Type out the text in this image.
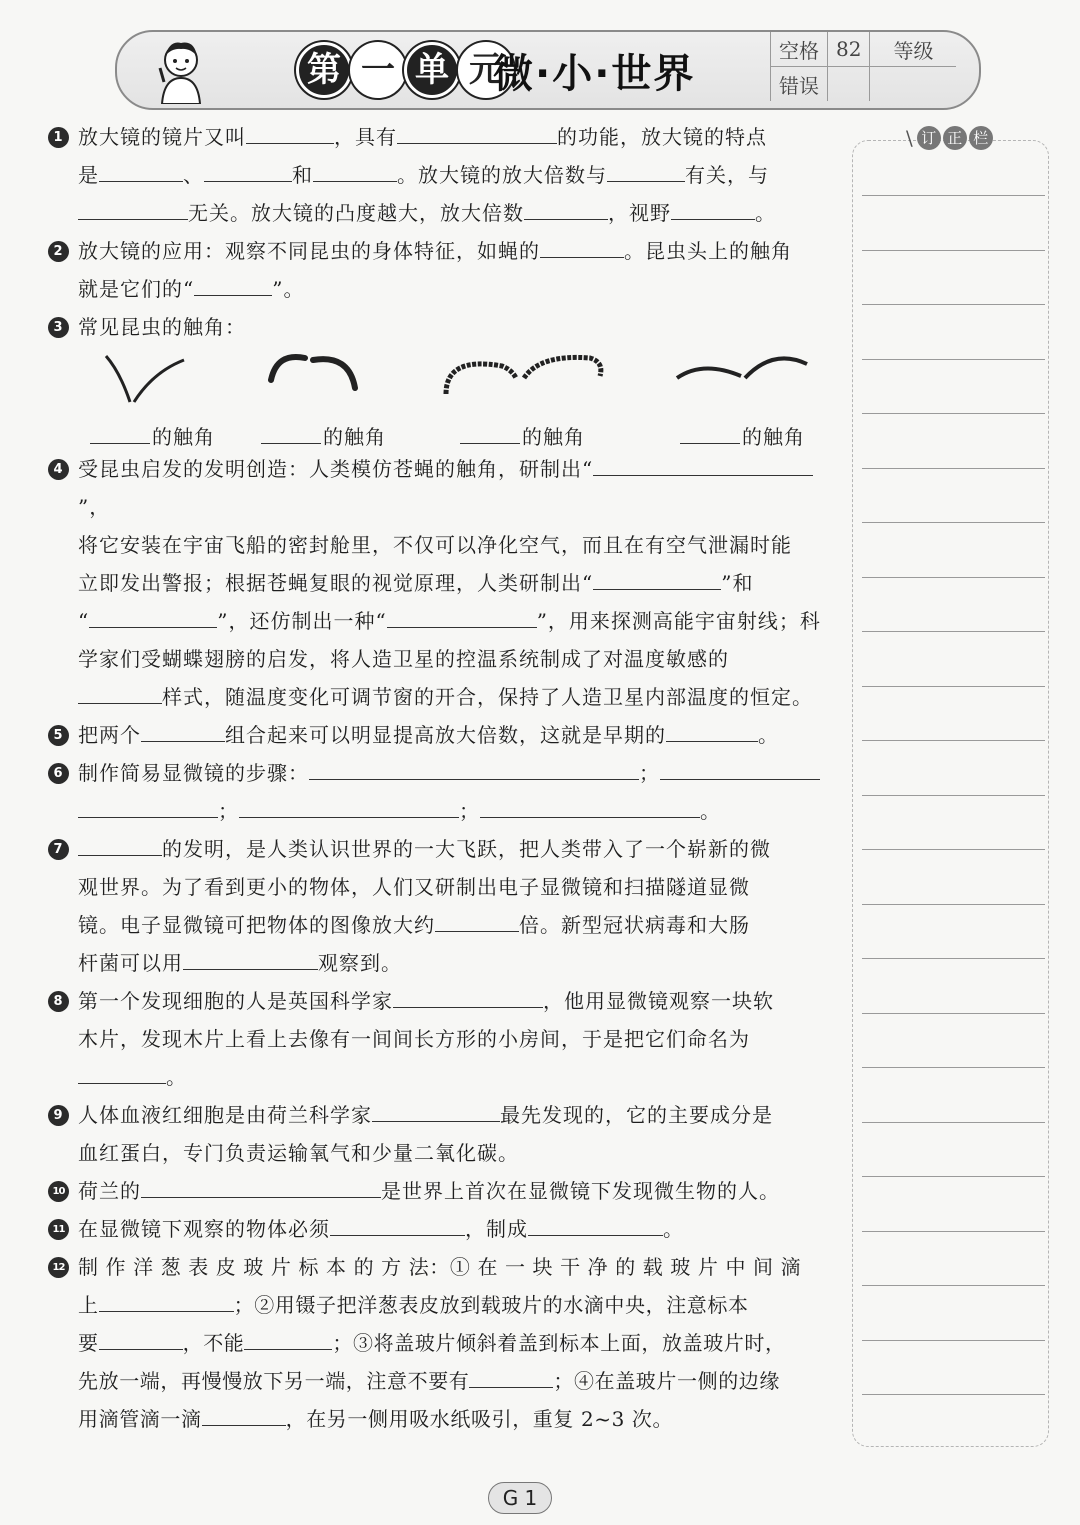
第 一 单 元
微·小·世界
空格	82	等级
错误		
1 放大镜的镜片又叫	，具有	的功能，放大镜的特点
是	、	和	。放大镜的放大倍数与	有关，与
无关。放大镜的凸度越大，放大倍数	，视野	。
2 放大镜的应用：观察不同昆虫的身体特征，如蝇的	。昆虫头上的触角
就是它们的“	”。
3 常见昆虫的触角：
的触角	的触角	的触角	的触角
4 受昆虫启发的发明创造：人类模仿苍蝇的触角，研制出“”，
将它安装在宇宙飞船的密封舱里，不仅可以净化空气，而且在有空气泄漏时能
立即发出警报；根据苍蝇复眼的视觉原理，人类研制出“	”和
“	”，还仿制出一种“	”，用来探测高能宇宙射线；科
学家们受蝴蝶翅膀的启发，将人造卫星的控温系统制成了对温度敏感的
样式，随温度变化可调节窗的开合，保持了人造卫星内部温度的恒定。
5 把两个	组合起来可以明显提高放大倍数，这就是早期的	。
6 制作简易显微镜的步骤：	；
；	；	。
7	的发明，是人类认识世界的一大飞跃，把人类带入了一个崭新的微
观世界。为了看到更小的物体，人们又研制出电子显微镜和扫描隧道显微
镜。电子显微镜可把物体的图像放大约	倍。新型冠状病毒和大肠
杆菌可以用	观察到。
8 第一个发现细胞的人是英国科学家	，他用显微镜观察一块软
木片，发现木片上看上去像有一间间长方形的小房间，于是把它们命名为
。
9 人体血液红细胞是由荷兰科学家	最先发现的，它的主要成分是
血红蛋白，专门负责运输氧气和少量二氧化碳。
10 荷兰的	是世界上首次在显微镜下发现微生物的人。
11 在显微镜下观察的物体必须	，制成	。
12 制 作 洋 葱 表 皮 玻 片 标 本 的 方 法：① 在 一 块 干 净 的 载 玻 片 中 间 滴
上	；②用镊子把洋葱表皮放到载玻片的水滴中央，注意标本
要	，不能	；③将盖玻片倾斜着盖到标本上面，放盖玻片时，
先放一端，再慢慢放下另一端，注意不要有	；④在盖玻片一侧的边缘
用滴管滴一滴	，在另一侧用吸水纸吸引，重复 2~3 次。
\ 订 正 栏
G 1
